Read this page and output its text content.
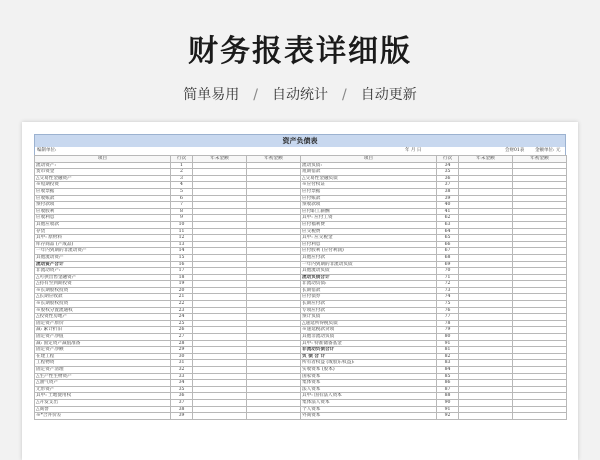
财务报表详细版
简单易用 / 自动统计 / 自动更新
资产负债表
编制单位:	年 月 日	会财01表 金额单位: 元
项目	行次	年末金额	年初金额	项目	行次	年末金额	年初金额
流动资产:	1			流动负债:	34		
货币资金	2			短期借款	35		
△交易性金融资产	3			△交易性金融负债	36		
※短期投资	4			※应付权证	37		
应收票据	5			应付票据	38		
应收账款	6			应付账款	39		
预付款项	7			预收款项	40		
应收股利	8			应付职工薪酬	41		
应收利息	9			其中: 应付工资	62		
其他应收款	10			应付福利费	63		
存货	11			应交税费	64		
其中: 原材料	12			其中: 应交税金	65		
库存商品 (产成品)	13			应付利息	66		
一年内到期的非流动资产	14			应付股利 (应付利润)	67		
其他流动资产	15			其他应付款	68		
流动资产合计	16			一年内到期的非流动负债	69		
非流动资产:	17			其他流动负债	70		
△可供出售金融资产	18			流动负债合计	71		
△持有至到期投资	19			非流动负债:	72		
※长期股权投资	20			长期借款	73		
△长期应收款	21			应付债券	74		
※长期股权投资	22			长期应付款	75		
※股权分置流通权	23			专项应付款	76		
△投资性房地产	24			预计负债	77		
固定资产原价	25			△递延所得税负债	78		
减: 累计折旧	26			※递延税款贷项	79		
固定资产净值	27			其他非流动负债	80		
减: 固定资产减值准备	28			其中: 特准储备基金	91		
固定资产净额	29			非流动负债合计	81		
在建工程	30			负 债 合 计	82		
工程物资	31			所有者权益 (或股东权益):	83		
固定资产清理	32			实收资本 (股本)	84		
△生产性生物资产	33			国家资本	85		
△油气资产	34			集体资本	86		
无形资产	35			法人资本	87		
其中: 土地使用权	36			其中: 国有法人资本	88		
△开发支出	37			集体法人资本	90		
△商誉	38			个人资本	91		
※*合并价差	39			外商资本	92		
